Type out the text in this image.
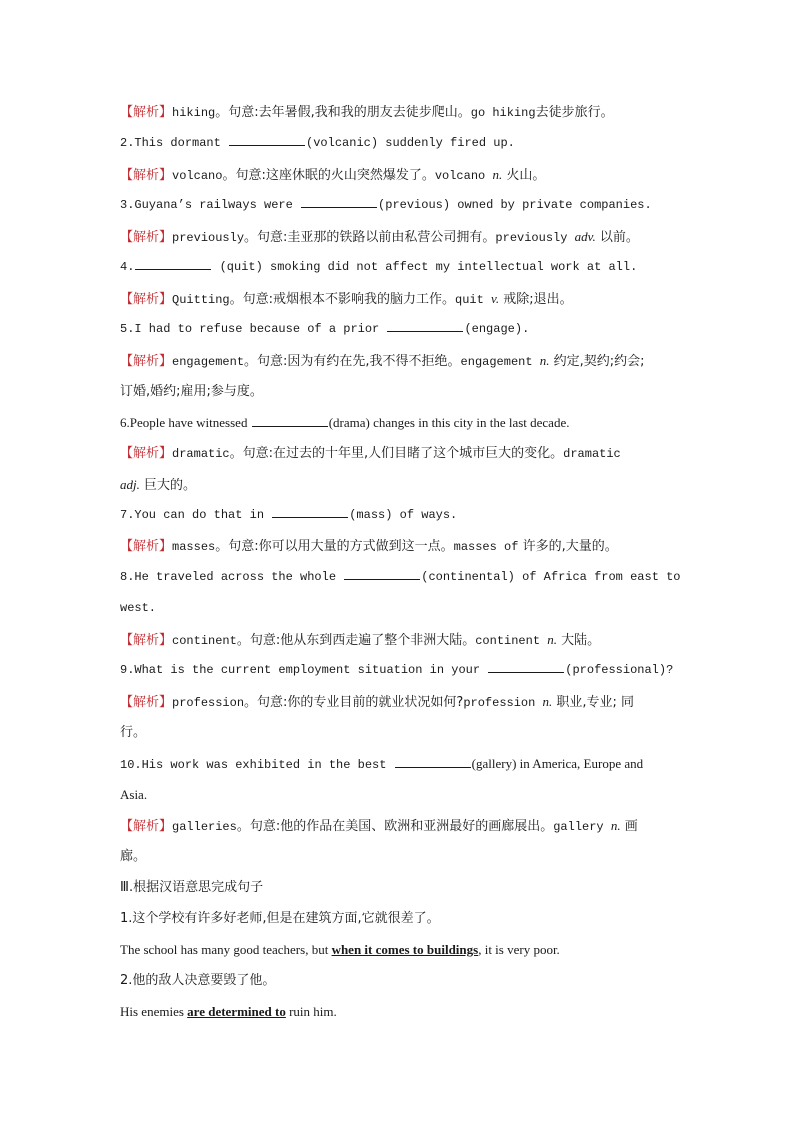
【解析】hiking。句意:去年暑假,我和我的朋友去徒步爬山。go hiking去徒步旅行。
2.This dormant	(volcanic) suddenly fired up.
【解析】volcano。句意:这座休眠的火山突然爆发了。volcano n. 火山。
3.Guyana’s railways were	(previous) owned by private companies.
【解析】previously。句意:圭亚那的铁路以前由私营公司拥有。previously adv. 以前。
4.	(quit) smoking did not affect my intellectual work at all.
【解析】Quitting。句意:戒烟根本不影响我的脑力工作。quit v. 戒除;退出。
5.I had to refuse because of a prior	(engage).
【解析】engagement。句意:因为有约在先,我不得不拒绝。engagement n. 约定,契约;约会;
订婚,婚约;雇用;参与度。
6.People have witnessed	(drama) changes in this city in the last decade.
【解析】dramatic。句意:在过去的十年里,人们目睹了这个城市巨大的变化。dramatic
adj. 巨大的。
7.You can do that in	(mass) of ways.
【解析】masses。句意:你可以用大量的方式做到这一点。masses of 许多的,大量的。
8.He traveled across the whole	(continental) of Africa from east to
west.
【解析】continent。句意:他从东到西走遍了整个非洲大陆。continent n. 大陆。
9.What is the current employment situation in your	(professional)?
【解析】profession。句意:你的专业目前的就业状况如何?profession n. 职业,专业; 同
行。
10.His work was exhibited in the best	(gallery) in America, Europe and
Asia.
【解析】galleries。句意:他的作品在美国、欧洲和亚洲最好的画廊展出。gallery n. 画
廊。
Ⅲ.根据汉语意思完成句子
1.这个学校有许多好老师,但是在建筑方面,它就很差了。
The school has many good teachers, but when it comes to buildings, it is very poor.
2.他的敌人决意要毁了他。
His enemies are determined to ruin him.
